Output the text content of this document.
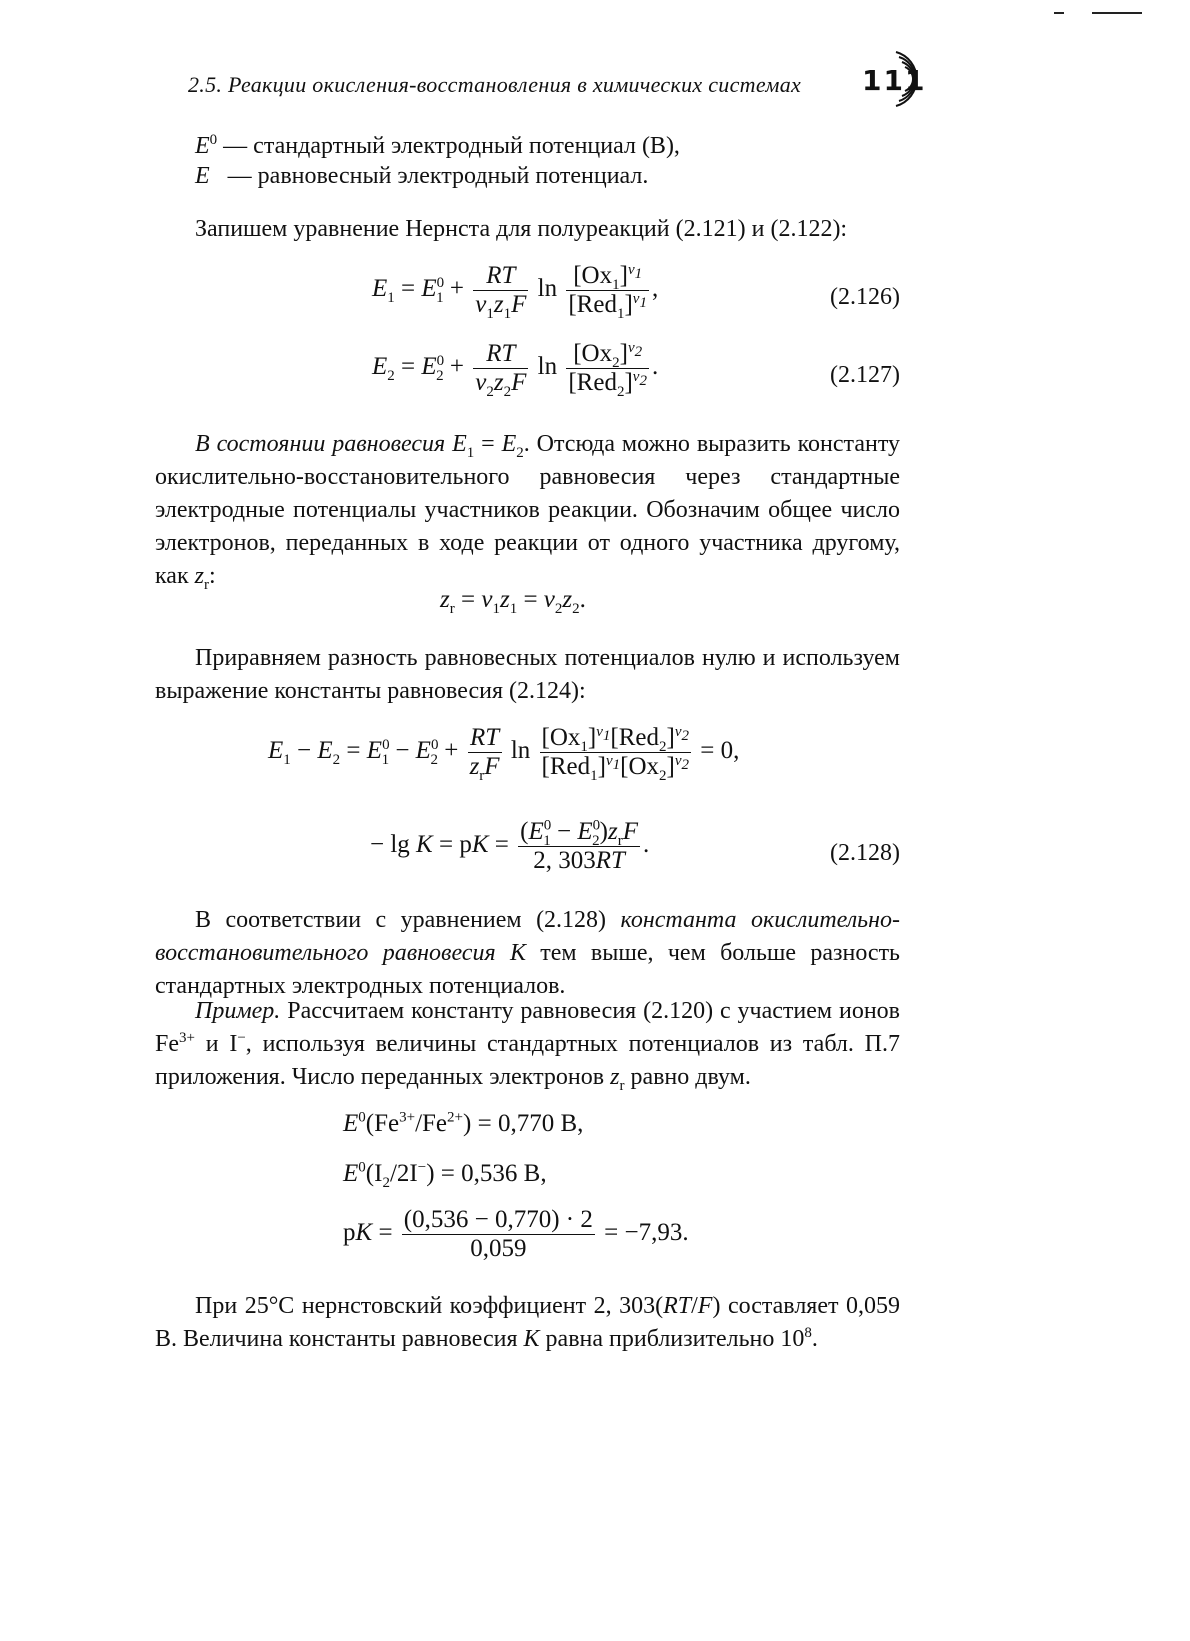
2.5. Реакции окисления-восстановления в химических системах 111
$E^0$ — стандартный электродный потенциал (В),
E — равновесный электродный потенциал.
Запишем уравнение Нернста для полуреакций (2.121) и (2.122):
$E_1 = E^0_1 + \frac{RT}{\nu_1z_1F}$ $\ln \frac{[Ox_1]^{\nu_1}}{[Red_1]^{\nu_1}}$ ,	(2.126)
$E_2 = E^0_2 + \frac{RT}{\nu_2z_2F}$ $\ln \frac{[Ox_2]^{\nu_2}}{[Red_2]^{\nu_2}}$ .	(2.127)

В состоянии равновесия $E_1 = E_2$. Отсюда можно выразить константу окислительно-восстановительного равновесия через стандартные электродные потенциалы участников реакции. Обозначим общее число электронов, переданных в ходе реакции от одного участника другому, как $z_r$:

$z_r = \nu_1z_1 = \nu_2z_2$.

Приравняем разность равновесных потенциалов нулю и используем выражение константы равновесия (2.124):

$E_1 - E_2 = E^0_1 - E^0_2 + \frac{RT}{z_rF}$ $\ln \frac{[Ox_1]^{\nu_1}[Red_2]^{\nu_2}}{[Red_1]^{\nu_1}[Ox_2]^{\nu_2}} = 0$,
− lg K = pK = $\frac{(E^0_1 - E^0_2)z_rF}{2, 303RT}$ .	(2.128)

В соответствии с уравнением (2.128) константа окислительно-восстановительного равновесия K тем выше, чем больше разность стандартных электродных потенциалов.

Пример. Рассчитаем константу равновесия (2.120) с участием ионов $Fe^{3+}$ и I−, используя величины стандартных потенциалов из табл. П.7 приложения. Число переданных электронов $z_r$ равно двум.

$E^0(Fe^{3+}/Fe^{2+}) = 0,770$ В,
$E^0(I_2/2I^-) = 0,536$ В,
pK = $\frac{(0,536 - 0,770) \cdot 2}{0,059} = -7,93$.

При 25°C нернстовский коэффициент 2, 303(RT/F) составляет 0,059 В. Величина константы равновесия K равна приблизительно $10^8$.
